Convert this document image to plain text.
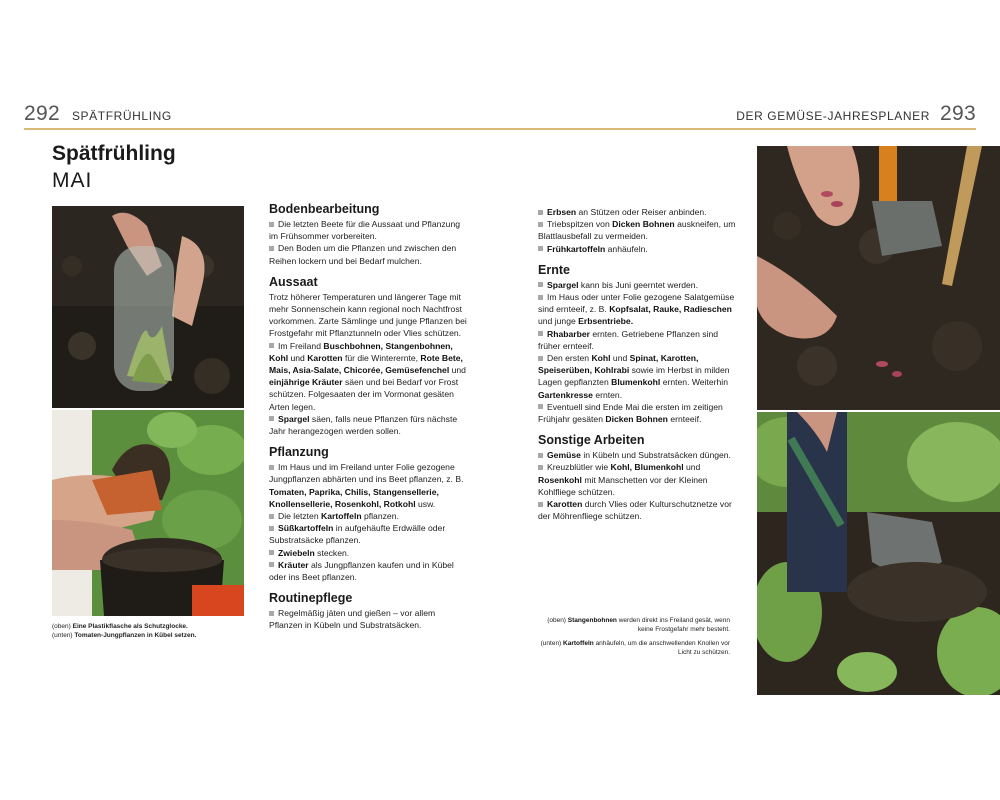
292 SPÄTFRÜHLING	DER GEMÜSE-JAHRESPLANER 293
Spätfrühling
MAI

(oben) Eine Plastikflasche als Schutzglocke.

(unten) Tomaten-Jungpflanzen in Kübel setzen.

Bodenbearbeitung

Die letzten Beete für die Aussaat und Pflanzung im Frühsommer vorbereiten.

Den Boden um die Pflanzen und zwischen den Reihen lockern und bei Bedarf mulchen.

Aussaat

Trotz höherer Temperaturen und längerer Tage mit mehr Sonnenschein kann regional noch Nachtfrost vorkommen. Zarte Sämlinge und junge Pflanzen bei Frostgefahr mit Pflanztunneln oder Vlies schützen.

Im Freiland Buschbohnen, Stangenbohnen, Kohl und Karotten für die Winterernte, Rote Bete, Mais, Asia-Salate, Chicorée, Gemüsefenchel und einjährige Kräuter säen und bei Bedarf vor Frost schützen. Folgesaaten der im Vormonat gesäten Arten legen.

Spargel säen, falls neue Pflanzen fürs nächste Jahr herangezogen werden sollen.

Pflanzung

Im Haus und im Freiland unter Folie gezogene Jungpflanzen abhärten und ins Beet pflanzen, z. B. Tomaten, Paprika, Chilis, Stangensellerie, Knollensellerie, Rosenkohl, Rotkohl usw.

Die letzten Kartoffeln pflanzen.

Süßkartoffeln in aufgehäufte Erdwälle oder Substratsäcke pflanzen.

Zwiebeln stecken.

Kräuter als Jungpflanzen kaufen und in Kübel oder ins Beet pflanzen.

Routinepflege

Regelmäßig jäten und gießen – vor allem Pflanzen in Kübeln und Substratsäcken.

Erbsen an Stützen oder Reiser anbinden.

Triebspitzen von Dicken Bohnen auskneifen, um Blattlausbefall zu vermeiden.

Frühkartoffeln anhäufeln.

Ernte

Spargel kann bis Juni geerntet werden.

Im Haus oder unter Folie gezogene Salatgemüse sind ernteeif, z. B. Kopfsalat, Rauke, Radieschen und junge Erbsentriebe.

Rhabarber ernten. Getriebene Pflanzen sind früher ernteeif.

Den ersten Kohl und Spinat, Karotten, Speiserüben, Kohlrabi sowie im Herbst in milden Lagen gepflanzten Blumenkohl ernten. Weiterhin Gartenkresse ernten.

Eventuell sind Ende Mai die ersten im zeitigen Frühjahr gesäten Dicken Bohnen ernteeif.

Sonstige Arbeiten

Gemüse in Kübeln und Substratsäcken düngen.

Kreuzblütler wie Kohl, Blumenkohl und Rosenkohl mit Manschetten vor der Kleinen Kohlfliege schützen.

Karotten durch Vlies oder Kulturschutznetze vor der Möhrenfliege schützen.

(oben) Stangenbohnen werden direkt ins Freiland gesät, wenn keine Frostgefahr mehr besteht.

(unten) Kartoffeln anhäufeln, um die anschwellenden Knollen vor Licht zu schützen.
